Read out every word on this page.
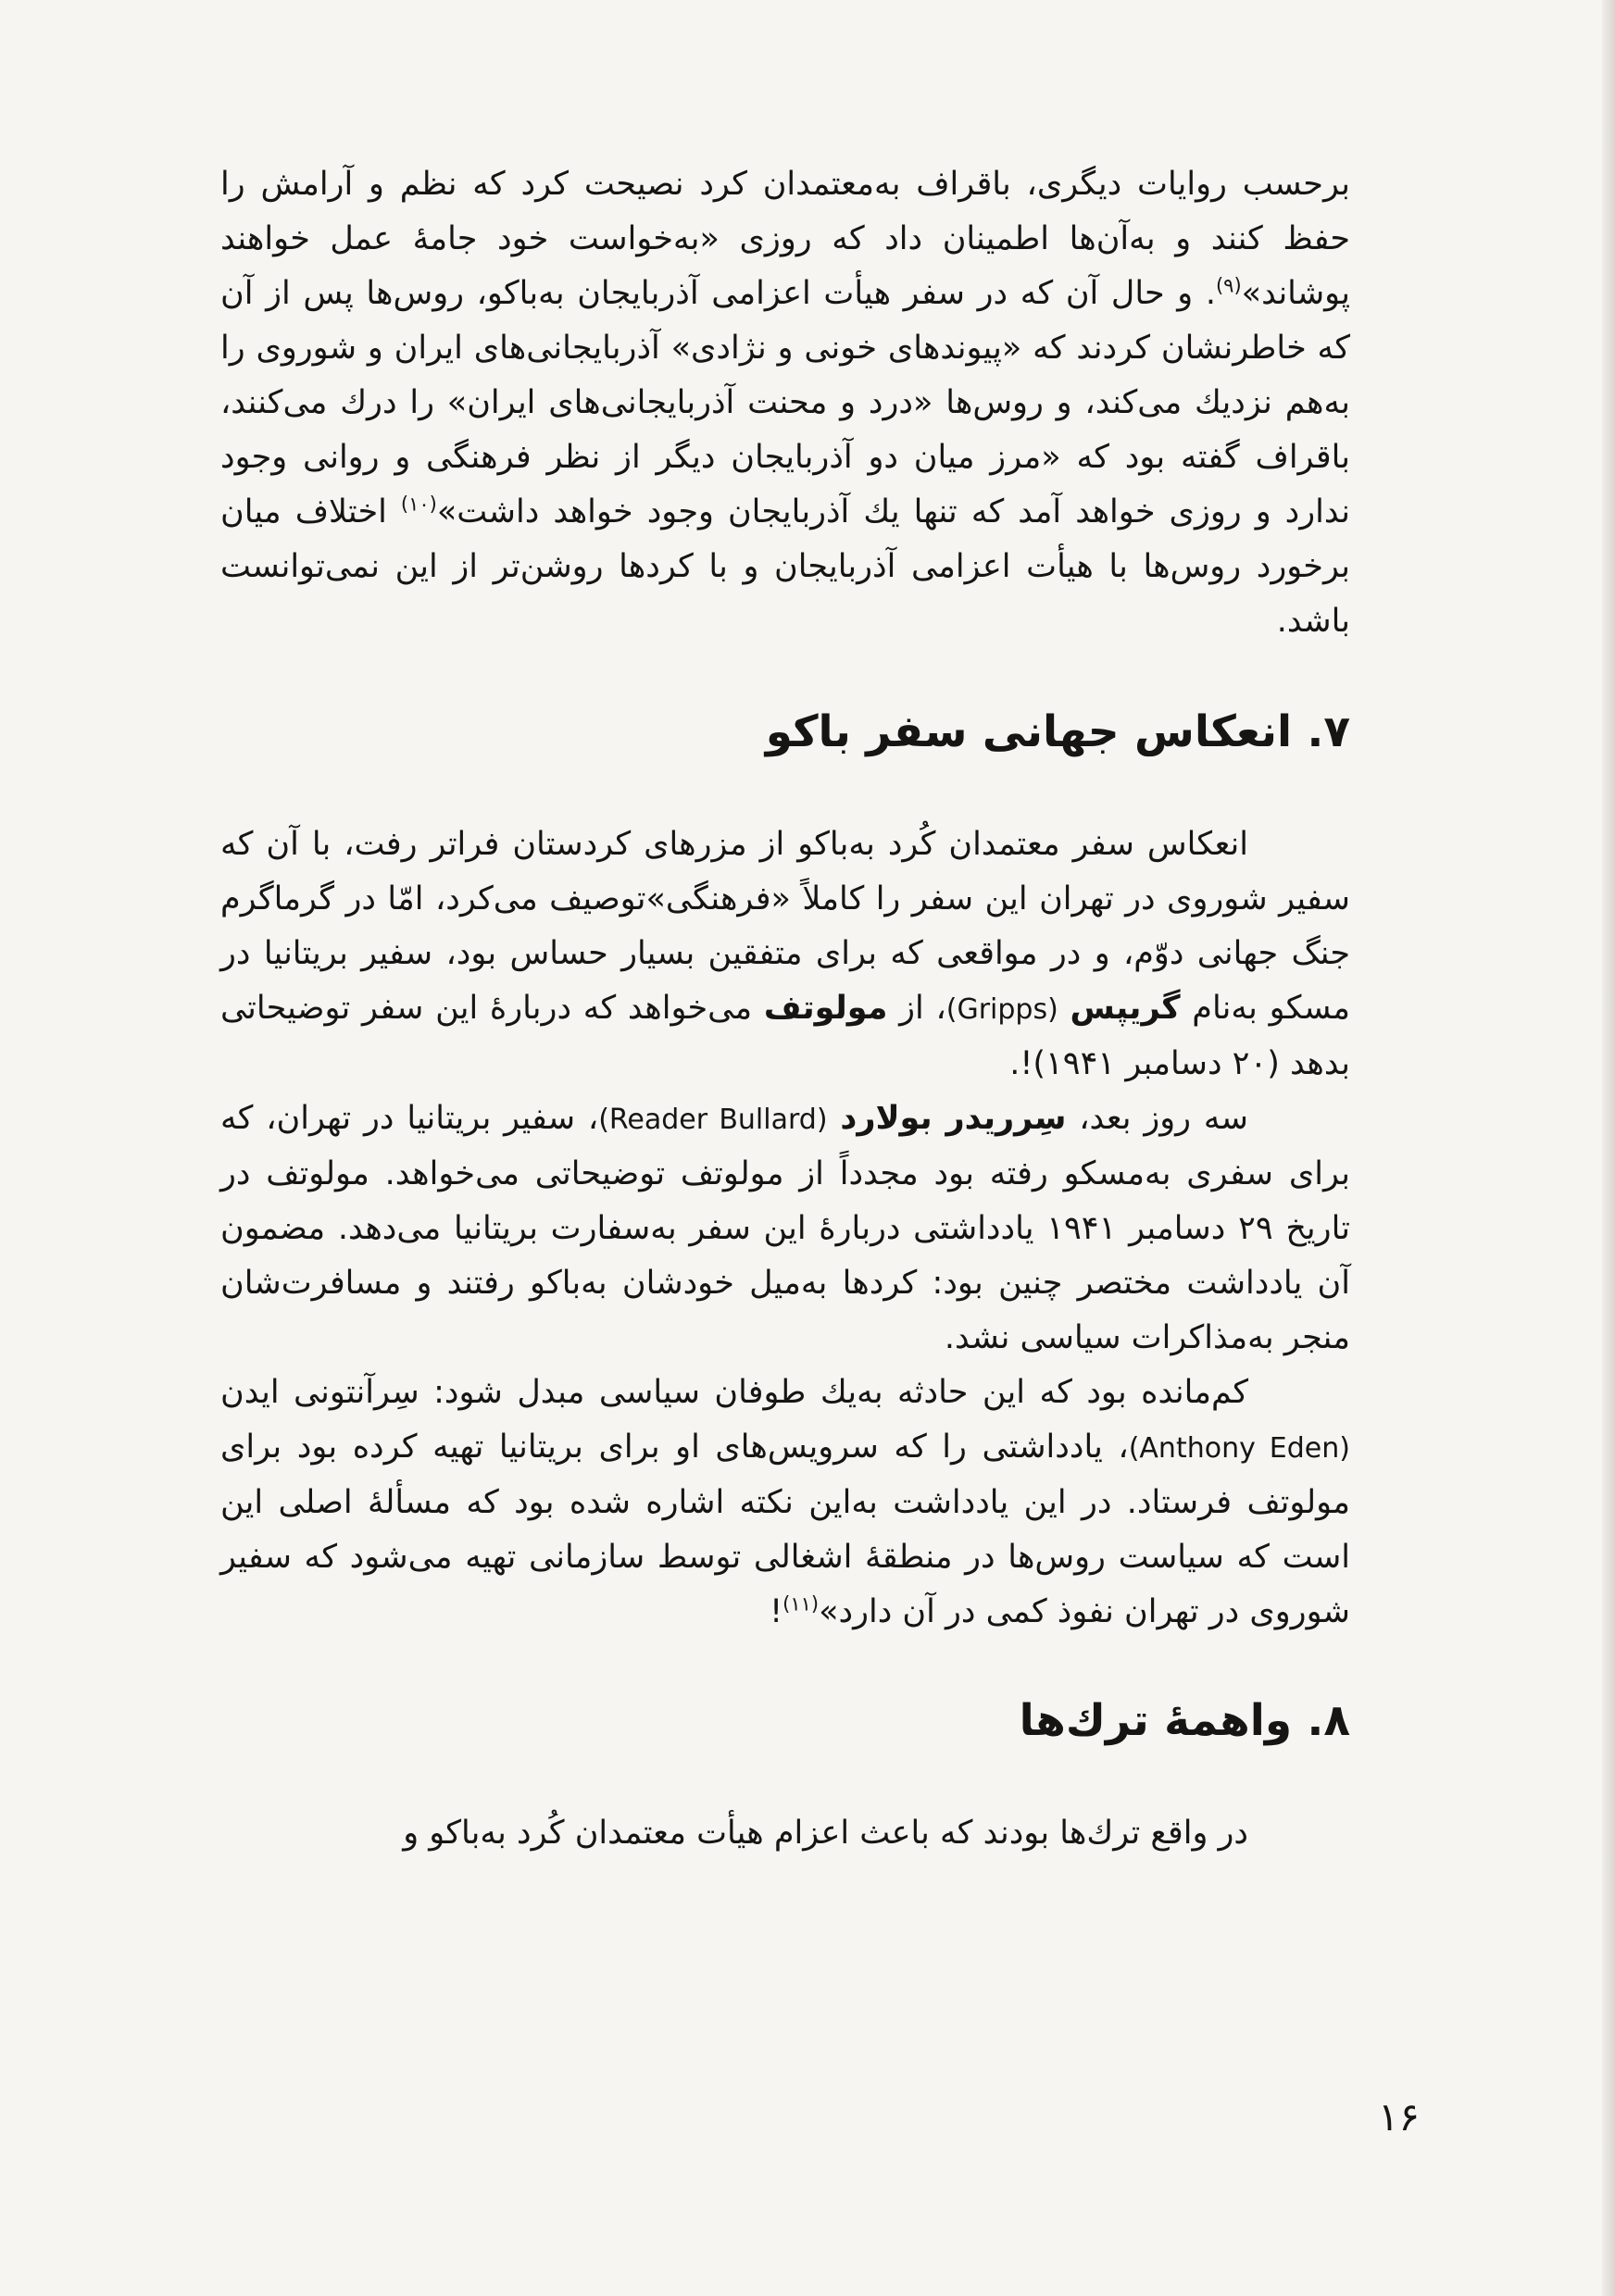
برحسب روایات دیگری، باقراف به‌معتمدان کرد نصیحت کرد که نظم و آرامش را حفظ کنند و به‌آن‌ها اطمینان داد که روزی «به‌خواست خود جامهٔ عمل خواهند پوشاند»$^{(۹)}$. و حال آن که در سفر هیأت اعزامی آذربایجان به‌باکو، روس‌ها پس از آن که خاطرنشان کردند که «پیوندهای خونی و نژادی» آذربایجانی‌های ایران و شوروی را به‌هم نزدیك می‌کند، و روس‌ها «درد و محنت آذربایجانی‌های ایران» را درك می‌کنند، باقراف گفته بود که «مرز میان دو آذربایجان دیگر از نظر فرهنگی و روانی وجود ندارد و روزی خواهد آمد که تنها یك آذربایجان وجود خواهد داشت»$^{(۱۰)}$ اختلاف میان برخورد روس‌ها با هیأت اعزامی آذربایجان و با کردها روشن‌تر از این نمی‌توانست باشد.

۷. انعکاس جهانی سفر باکو

انعکاس سفر معتمدان کُرد به‌باکو از مزرهای کردستان فراتر رفت، با آن که سفیر شوروی در تهران این سفر را کاملاً «فرهنگی»توصیف می‌کرد، امّا در گرماگرم جنگ جهانی دوّم، و در مواقعی که برای متفقین بسیار حساس بود، سفیر بریتانیا در مسکو به‌نام گریپس (Gripps)، از مولوتف می‌خواهد که دربارهٔ این سفر توضیحاتی بدهد (۲۰ دسامبر ۱۹۴۱)!.

سه روز بعد، سِرریدر بولارد (Reader Bullard)، سفیر بریتانیا در تهران، که برای سفری به‌مسکو رفته بود مجدداً از مولوتف توضیحاتی می‌خواهد. مولوتف در تاریخ ۲۹ دسامبر ۱۹۴۱ یادداشتی دربارهٔ این سفر به‌سفارت بریتانیا می‌دهد. مضمون آن یادداشت مختصر چنین بود: کردها به‌میل خودشان به‌باکو رفتند و مسافرت‌شان منجر به‌مذاکرات سیاسی نشد.

کم‌مانده بود که این حادثه به‌یك طوفان سیاسی مبدل شود: سِرآنتونی ایدن (Anthony Eden)، یادداشتی را که سرویس‌های او برای بریتانیا تهیه کرده بود برای مولوتف فرستاد. در این یادداشت به‌این نکته اشاره شده بود که مسألهٔ اصلی این است که سیاست روس‌ها در منطقهٔ اشغالی توسط سازمانی تهیه می‌شود که سفیر شوروی در تهران نفوذ کمی در آن دارد»$^{(۱۱)}$!

۸. واهمهٔ ترك‌ها

در واقع ترك‌ها بودند که باعث اعزام هیأت معتمدان کُرد به‌باکو و

۱۶
